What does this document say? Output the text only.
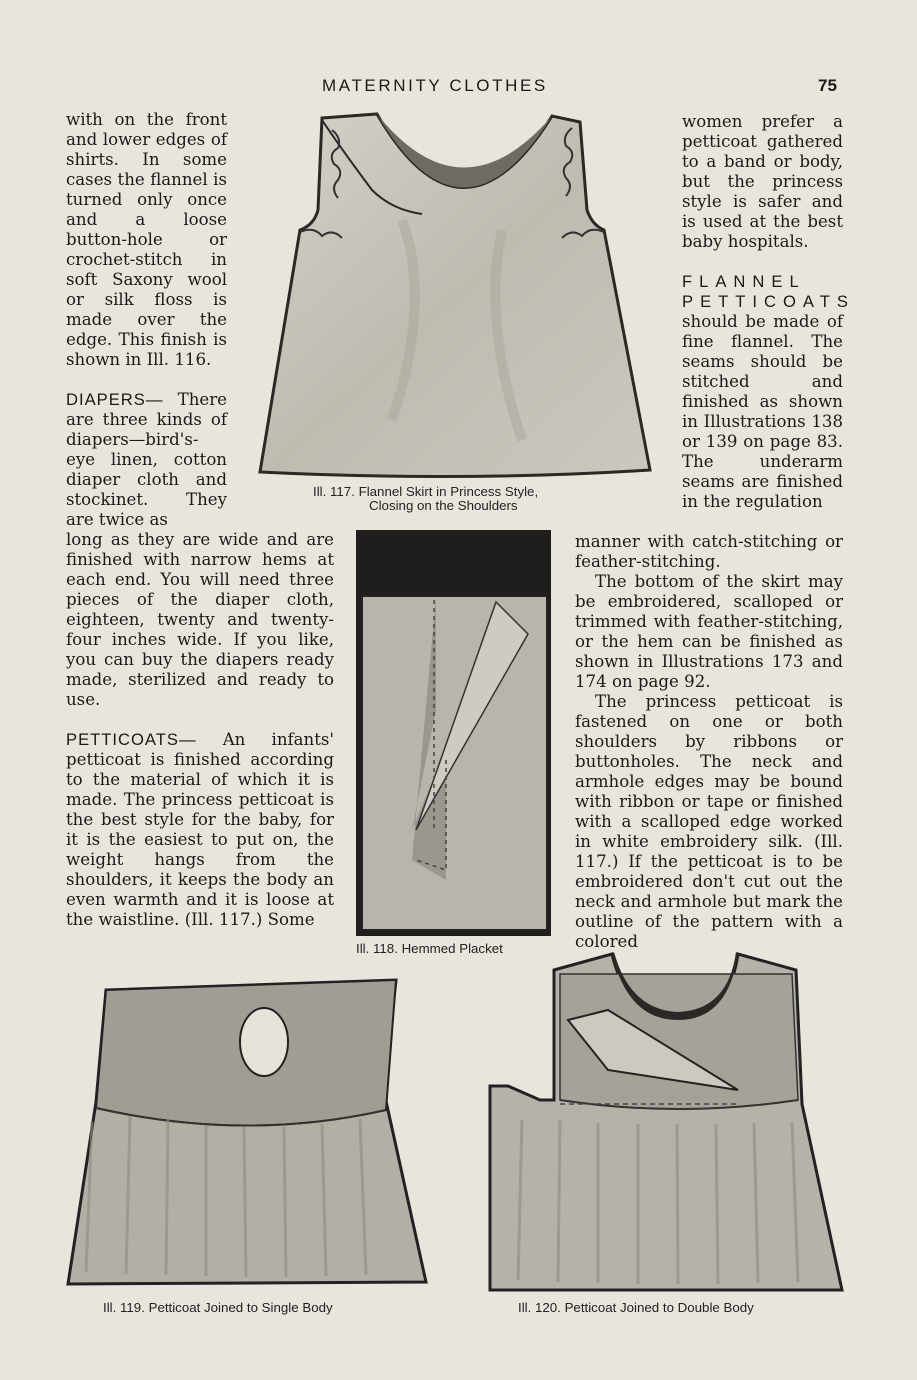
MATERNITY CLOTHES	75

with on the front and lower edges of shirts. In some cases the flannel is turned only once and a loose button-hole or crochet-stitch in soft Saxony wool or silk floss is made over the edge. This finish is shown in Ill. 116.

DIAPERS— There are three kinds of diapers—bird's-eye linen, cotton diaper cloth and stockinet. They are twice as

long as they are wide and are finished with narrow hems at each end. You will need three pieces of the diaper cloth, eighteen, twenty and twenty-four inches wide. If you like, you can buy the diapers ready made, sterilized and ready to use.

PETTICOATS— An infants' petticoat is finished according to the material of which it is made. The princess petticoat is the best style for the baby, for it is the easiest to put on, the weight hangs from the shoulders, it keeps the body an even warmth and it is loose at the waistline. (Ill. 117.) Some

women prefer a petticoat gathered to a band or body, but the princess style is safer and is used at the best baby hospitals.

FLANNEL PETTICOATS should be made of fine flannel. The seams should be stitched and finished as shown in Illustrations 138 or 139 on page 83. The underarm seams are finished in the regulation

manner with catch-stitching or feather-stitching.

The bottom of the skirt may be embroidered, scalloped or trimmed with feather-stitching, or the hem can be finished as shown in Illustrations 173 and 174 on page 92.

The princess petticoat is fastened on one or both shoulders by ribbons or buttonholes. The neck and armhole edges may be bound with ribbon or tape or finished with a scalloped edge worked in white embroidery silk. (Ill. 117.) If the petticoat is to be embroidered don't cut out the neck and armhole but mark the outline of the pattern with a colored

Ill. 117. Flannel Skirt in Princess Style,
Closing on the Shoulders
Ill. 118. Hemmed Placket
Ill. 119. Petticoat Joined to Single Body	Ill. 120. Petticoat Joined to Double Body
